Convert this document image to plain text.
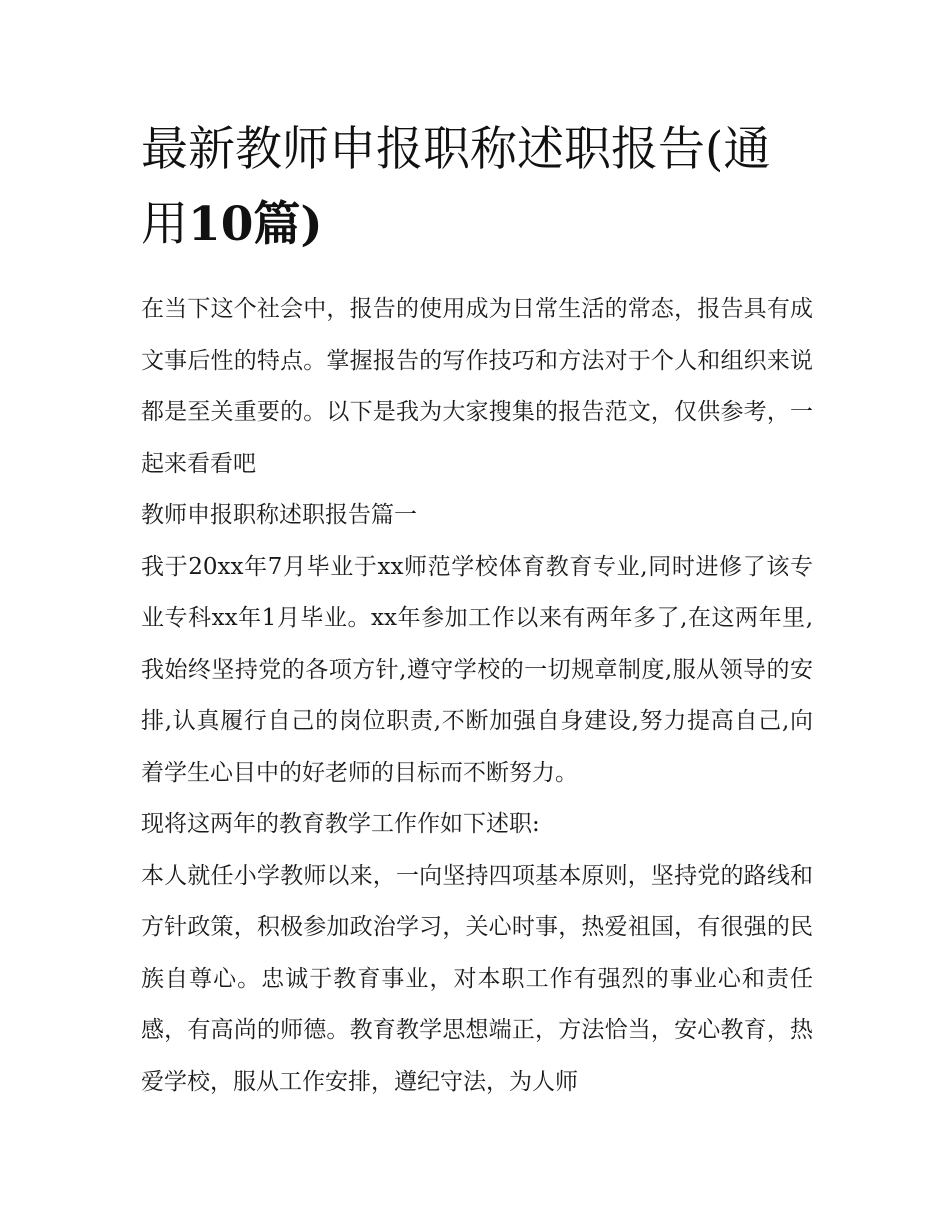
最新教师申报职称述职报告(通用10篇)

在当下这个社会中，报告的使用成为日常生活的常态，报告具有成文事后性的特点。掌握报告的写作技巧和方法对于个人和组织来说都是至关重要的。以下是我为大家搜集的报告范文，仅供参考，一起来看看吧

教师申报职称述职报告篇一

我于20xx年7月毕业于xx师范学校体育教育专业,同时进修了该专业专科xx年1月毕业。xx年参加工作以来有两年多了,在这两年里,我始终坚持党的各项方针,遵守学校的一切规章制度,服从领导的安排,认真履行自己的岗位职责,不断加强自身建设,努力提高自己,向着学生心目中的好老师的目标而不断努力。

现将这两年的教育教学工作作如下述职:

本人就任小学教师以来，一向坚持四项基本原则，坚持党的路线和方针政策，积极参加政治学习，关心时事，热爱祖国，有很强的民族自尊心。忠诚于教育事业，对本职工作有强烈的事业心和责任感，有高尚的师德。教育教学思想端正，方法恰当，安心教育，热爱学校，服从工作安排，遵纪守法，为人师
